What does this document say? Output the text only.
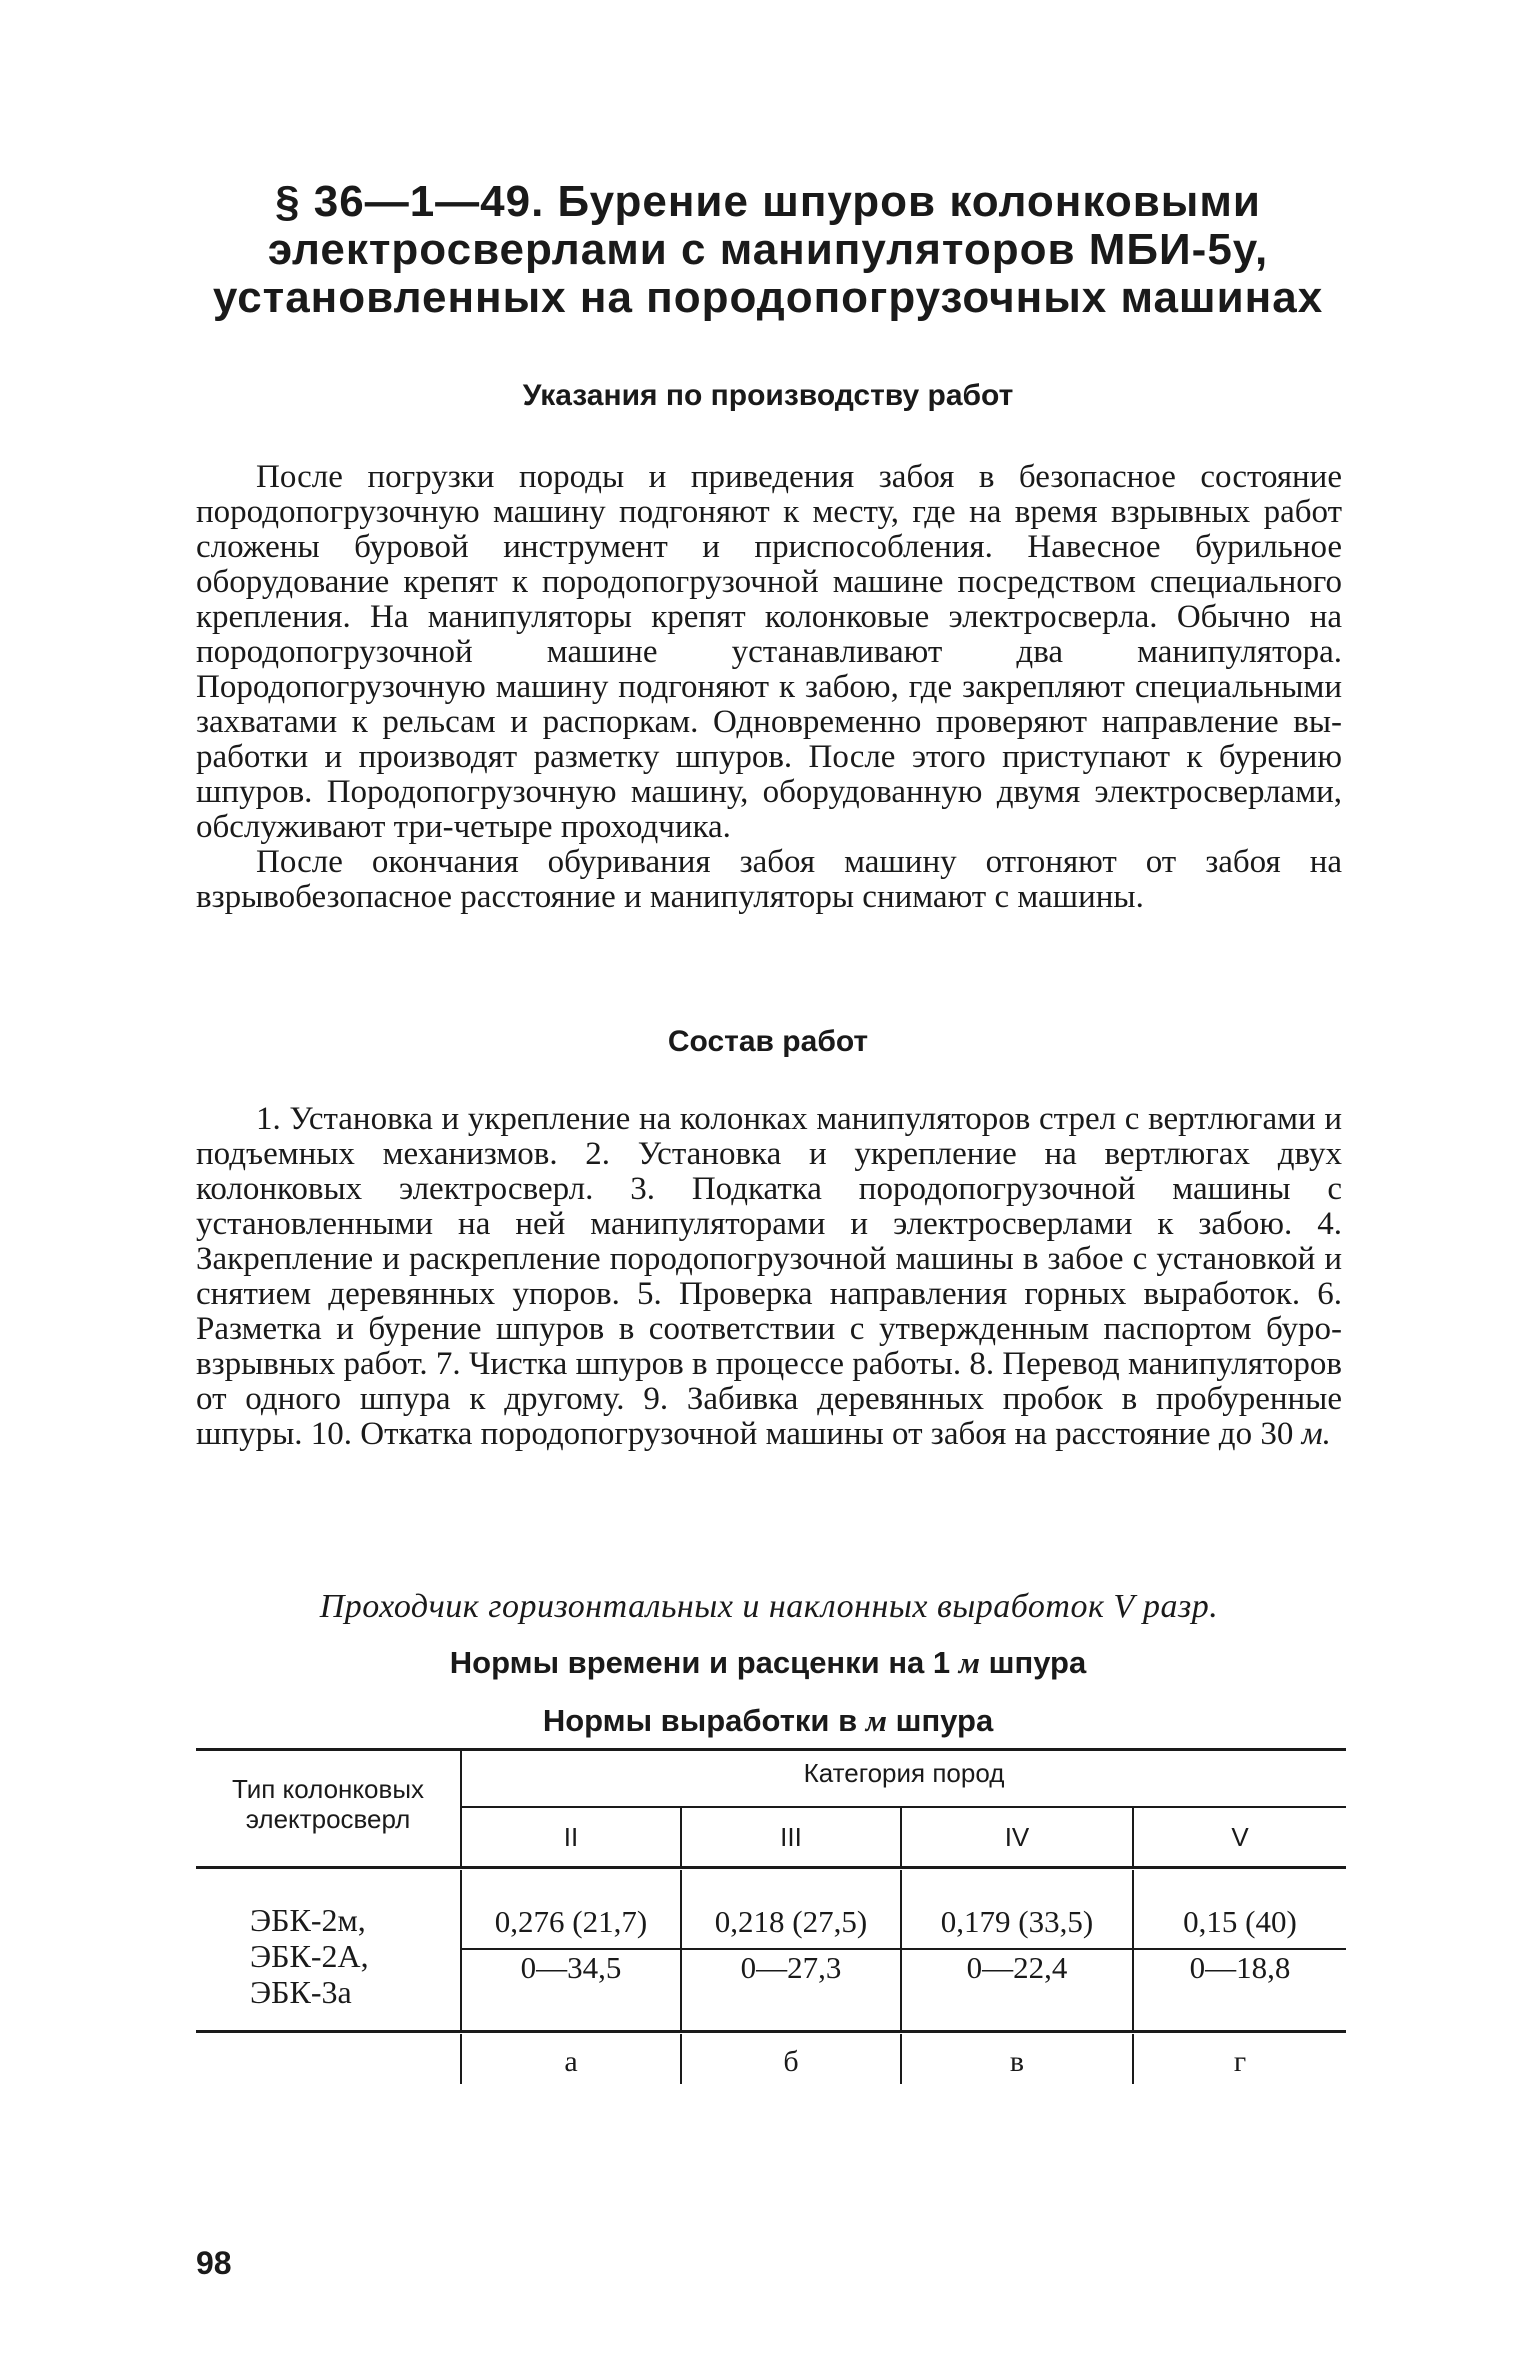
§ 36—1—49. Бурение шпуров колонковыми
электросверлами с манипуляторов МБИ-5у,
установленных на породопогрузочных машинах
Указания по производству работ

После погрузки породы и приведения забоя в безопасное состояние породопогрузочную машину подгоняют к месту, где на время взрывных работ сложены буровой инструмент и приспособления. Навесное бурильное оборудование крепят к породопогрузочной машине посредством специального крепления. На манипуляторы крепят колонковые электросверла. Обычно на породопогрузочной машине устанавливают два манипулятора. Породопогрузочную машину подгоняют к забою, где закрепляют специальными захватами к рельсам и распоркам. Одновременно проверяют направление выработки и производят разметку шпуров. После этого приступают к бурению шпуров. Породопогрузочную машину, оборудованную двумя электросверлами, обслуживают три-четыре проходчика.

После окончания обуривания забоя машину отгоняют от забоя на взрывобезопасное расстояние и манипуляторы снимают с машины.

Состав работ

1. Установка и укрепление на колонках манипуляторов стрел с вертлюгами и подъемных механизмов. 2. Установка и укрепление на вертлюгах двух колонковых электросверл. 3. Подкатка породопогрузочной машины с установленными на ней манипуляторами и электросверлами к забою. 4. Закрепление и раскрепление породопогрузочной машины в забое с установкой и снятием деревянных упоров. 5. Проверка направления горных выработок. 6. Разметка и бурение шпуров в соответствии с утвержденным паспортом буровзрывных работ. 7. Чистка шпуров в процессе работы. 8. Перевод манипуляторов от одного шпура к другому. 9. Забивка деревянных пробок в пробуренные шпуры. 10. Откатка породопогрузочной машины от забоя на расстояние до 30 м.

Проходчик горизонтальных и наклонных выработок V разр.
Нормы времени и расценки на 1 м шпура
Нормы выработки в м шпура
Тип колонковых
электросверл
Категория пород
II	III	IV	V
ЭБК-2м,
ЭБК-2А,
ЭБК-3а
0,276 (21,7)	0,218 (27,5)	0,179 (33,5)	0,15 (40)
0—34,5	0—27,3	0—22,4	0—18,8
а	б	в	г
98
